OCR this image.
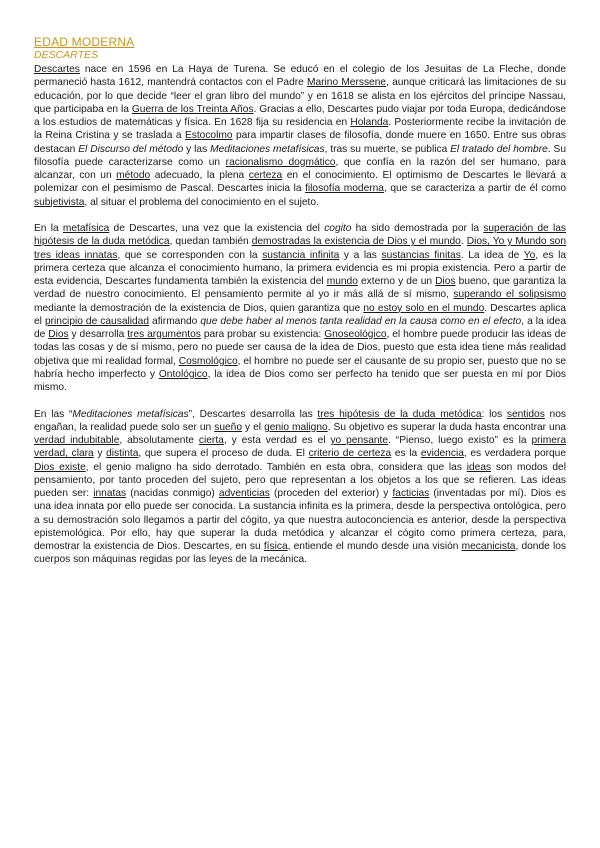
EDAD MODERNA
DESCARTES

Descartes nace en 1596 en La Haya de Turena. Se educó en el colegio de los Jesuitas de La Fleche, donde permaneció hasta 1612, mantendrá contactos con el Padre Marino Merssene, aunque criticará las limitaciones de su educación, por lo que decide “leer el gran libro del mundo” y en 1618 se alista en los ejércitos del príncipe Nassau, que participaba en la Guerra de los Treinta Años. Gracias a ello, Descartes pudo viajar por toda Europa, dedicándose a los estudios de matemáticas y física. En 1628 fija su residencia en Holanda. Posteriormente recibe la invitación de la Reina Cristina y se traslada a Estocolmo para impartir clases de filosofía, donde muere en 1650. Entre sus obras destacan El Discurso del método y las Meditaciones metafísicas, tras su muerte, se publica El tratado del hombre. Su filosofía puede caracterizarse como un racionalismo dogmático, que confía en la razón del ser humano, para alcanzar, con un método adecuado, la plena certeza en el conocimiento. El optimismo de Descartes le llevará a polemizar con el pesimismo de Pascal. Descartes inicia la filosofía moderna, que se caracteriza a partir de él como subjetivista, al situar el problema del conocimiento en el sujeto.

En la metafísica de Descartes, una vez que la existencia del cogito ha sido demostrada por la superación de las hipótesis de la duda metódica, quedan también demostradas la existencia de Dios y el mundo. Dios, Yo y Mundo son tres ideas innatas, que se corresponden con la sustancia infinita y a las sustancias finitas. La idea de Yo, es la primera certeza que alcanza el conocimiento humano, la primera evidencia es mi propia existencia. Pero a partir de esta evidencia, Descartes fundamenta también la existencia del mundo externo y de un Dios bueno, que garantiza la verdad de nuestro conocimiento. El pensamiento permite al yo ir más allá de sí mismo, superando el solipsismo mediante la demostración de la existencia de Dios, quien garantiza que no estoy solo en el mundo. Descartes aplica el principio de causalidad afirmando que debe haber al menos tanta realidad en la causa como en el efecto, a la idea de Dios y desarrolla tres argumentos para probar su existencia: Gnoseológico, el hombre puede producir las ideas de todas las cosas y de sí mismo, pero no puede ser causa de la idea de Dios, puesto que esta idea tiene más realidad objetiva que mi realidad formal, Cosmológico, el hombre no puede ser el causante de su propio ser, puesto que no se habría hecho imperfecto y Ontológico, la idea de Dios como ser perfecto ha tenido que ser puesta en mí por Dios mismo.

En las “Meditaciones metafísicas”, Descartes desarrolla las tres hipótesis de la duda metódica: los sentidos nos engañan, la realidad puede solo ser un sueño y el genio maligno. Su objetivo es superar la duda hasta encontrar una verdad indubitable, absolutamente cierta, y esta verdad es el yo pensante. “Pienso, luego existo” es la primera verdad, clara y distinta, que supera el proceso de duda. El criterio de certeza es la evidencia, es verdadera porque Dios existe, el genio maligno ha sido derrotado. También en esta obra, considera que las ideas son modos del pensamiento, por tanto proceden del sujeto, pero que representan a los objetos a los que se refieren. Las ideas pueden ser: innatas (nacidas conmigo) adventicias (proceden del exterior) y facticias (inventadas por mí). Dios es una idea innata por ello puede ser conocida. La sustancia infinita es la primera, desde la perspectiva ontológica, pero a su demostración solo llegamos a partir del cógito, ya que nuestra autoconciencia es anterior, desde la perspectiva epistemológica. Por ello, hay que superar la duda metódica y alcanzar el cógito como primera certeza, para, demostrar la existencia de Dios. Descartes, en su física, entiende el mundo desde una visión mecanicista, donde los cuerpos son máquinas regidas por las leyes de la mecánica.
